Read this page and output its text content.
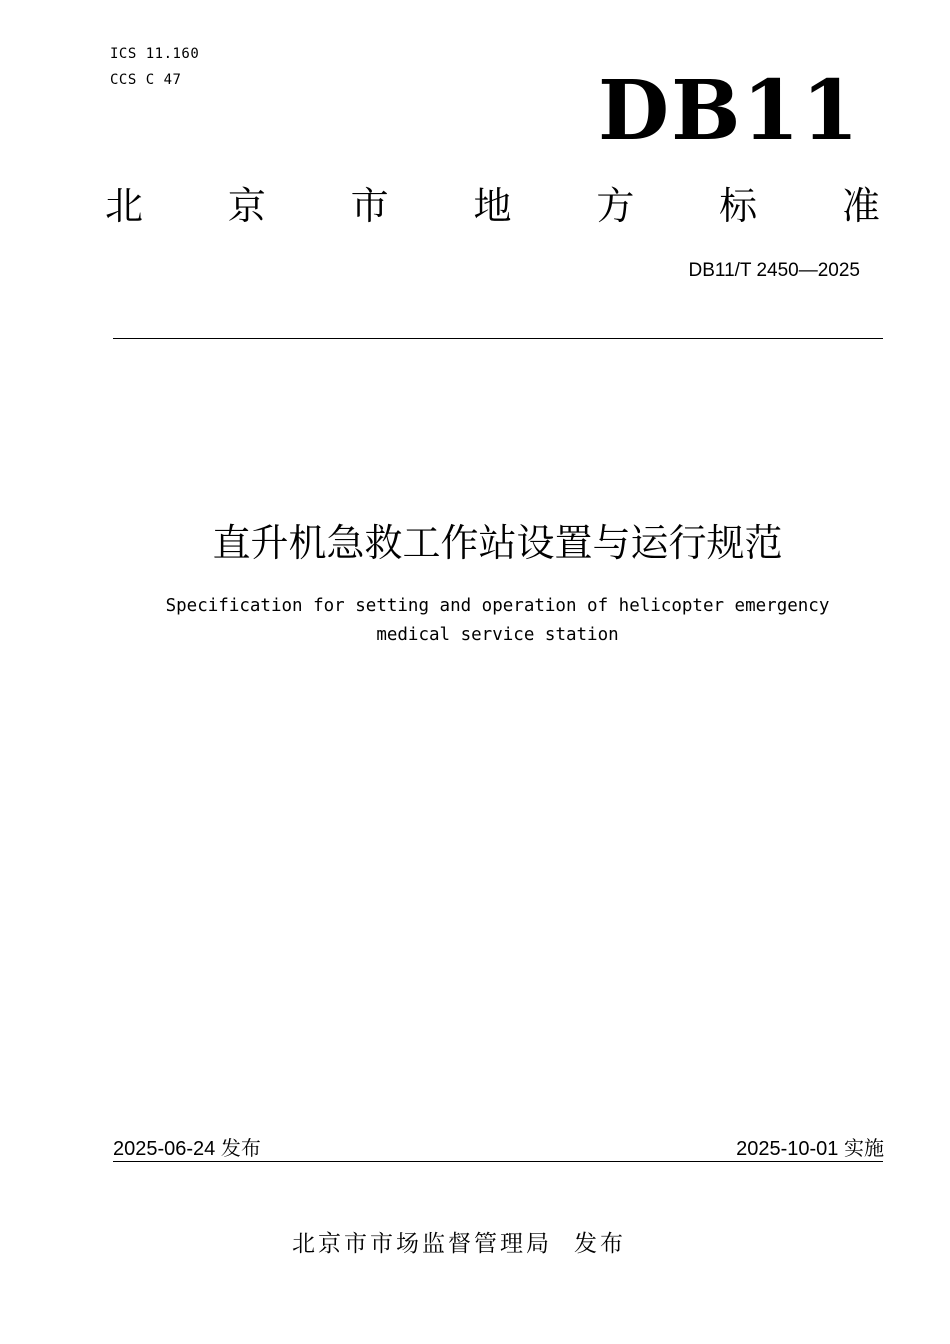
ICS 11.160
CCS C 47	DB11
北 京 市 地 方 标 准
DB11/T 2450—2025
直升机急救工作站设置与运行规范
Specification for setting and operation of helicopter emergency
medical service station
2025-06-24 发布	2025-10-01 实施
北京市市场监督管理局 发布
